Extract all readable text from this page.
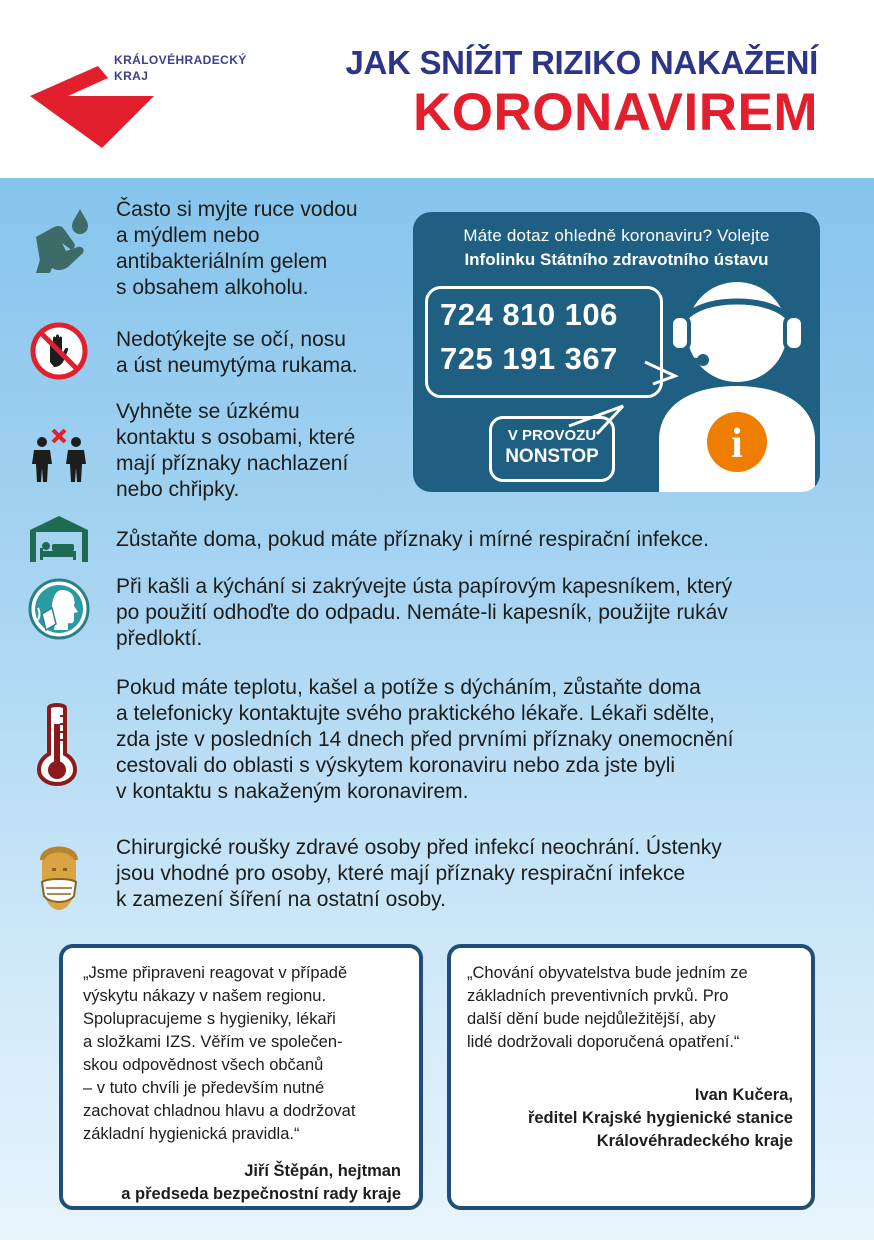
KRÁLOVÉHRADECKÝ
KRAJ	JAK SNÍŽIT RIZIKO NAKAŽENÍ
KORONAVIREM
Často si myjte ruce vodou
a mýdlem nebo
antibakteriálním gelem
s obsahem alkoholu.
Nedotýkejte se očí, nosu
a úst neumytýma rukama.
Vyhněte se úzkému
kontaktu s osobami, které
mají příznaky nachlazení
nebo chřipky.
Zůstaňte doma, pokud máte příznaky i mírné respirační infekce.
Při kašli a kýchání si zakrývejte ústa papírovým kapesníkem, který
po použití odhoďte do odpadu. Nemáte-li kapesník, použijte rukáv
předloktí.
Pokud máte teplotu, kašel a potíže s dýcháním, zůstaňte doma
a telefonicky kontaktujte svého praktického lékaře. Lékaři sdělte,
zda jste v posledních 14 dnech před prvními příznaky onemocnění
cestovali do oblasti s výskytem koronaviru nebo zda jste byli
v kontaktu s nakaženým koronavirem.
Chirurgické roušky zdravé osoby před infekcí neochrání. Ústenky
jsou vhodné pro osoby, které mají příznaky respirační infekce
k zamezení šíření na ostatní osoby.
Máte dotaz ohledně koronaviru? Volejte
Infolinku Státního zdravotního ústavu
i
724 810 106
725 191 367
V PROVOZU
NONSTOP
„Jsme připraveni reagovat v případě
výskytu nákazy v našem regionu.
Spolupracujeme s hygieniky, lékaři
a složkami IZS. Věřím ve společen-
skou odpovědnost všech občanů
– v tuto chvíli je především nutné
zachovat chladnou hlavu a dodržovat
základní hygienická pravidla.“
Jiří Štěpán, hejtman
a předseda bezpečnostní rady kraje
„Chování obyvatelstva bude jedním ze
základních preventivních prvků. Pro
další dění bude nejdůležitější, aby
lidé dodržovali doporučená opatření.“
Ivan Kučera,
ředitel Krajské hygienické stanice
Královéhradeckého kraje
